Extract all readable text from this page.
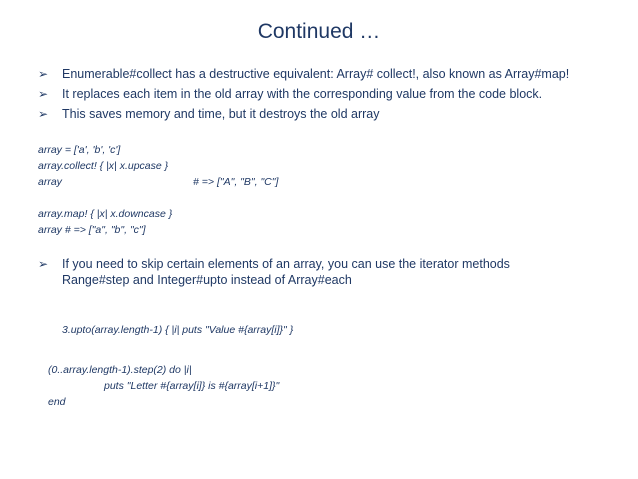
Continued …
➢ Enumerable#collect has a destructive equivalent: Array# collect!, also known as Array#map!
➢ It replaces each item in the old array with the corresponding value from the code block.
➢ This saves memory and time, but it destroys the old array
array = ['a', 'b', 'c']
array.collect! { |x| x.upcase }
array	# => ["A", "B", "C"]
array.map! { |x| x.downcase }
array # => ["a", "b", "c"]
➢ If you need to skip certain elements of an array, you can use the iterator methods
Range#step and Integer#upto instead of Array#each
3.upto(array.length-1) { |i| puts "Value #{array[i]}" }
(0..array.length-1).step(2) do |i|
puts "Letter #{array[i]} is #{array[i+1]}"
end
